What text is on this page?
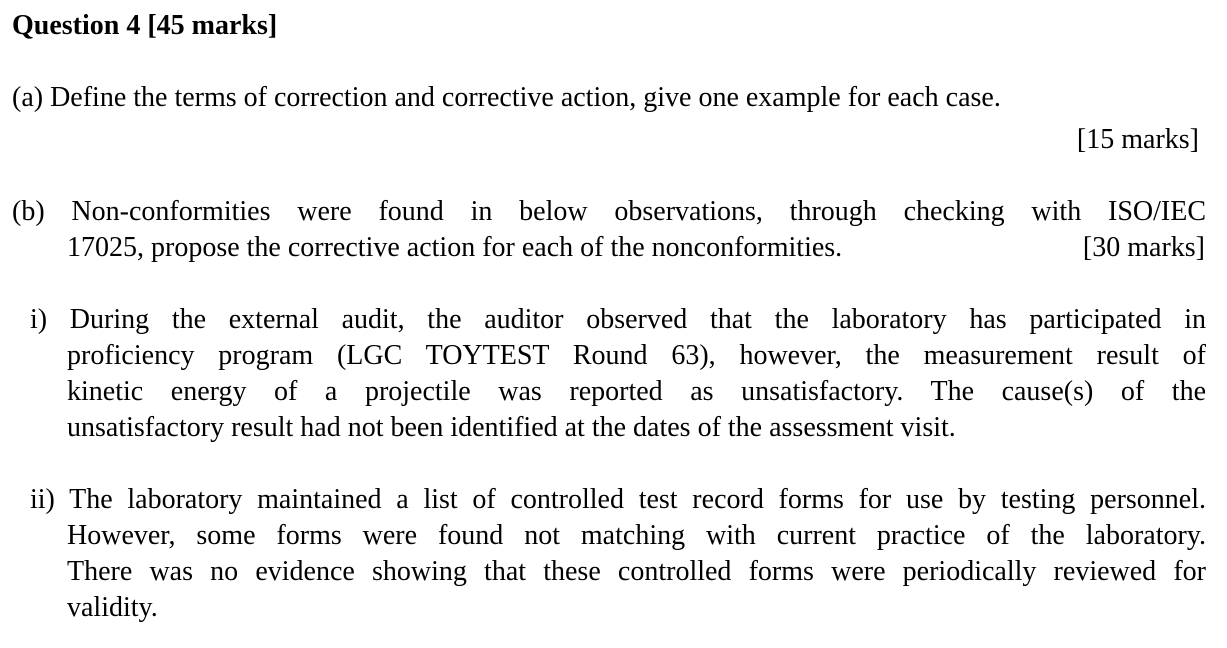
Question 4 [45 marks]
(a) Define the terms of correction and corrective action, give one example for each case.
[15 marks]
(b) Non-conformities were found in below observations, through checking with ISO/IEC
17025, propose the corrective action for each of the nonconformities.	[30 marks]
i) During the external audit, the auditor observed that the laboratory has participated in
proficiency program (LGC TOYTEST Round 63), however, the measurement result of
kinetic energy of a projectile was reported as unsatisfactory. The cause(s) of the
unsatisfactory result had not been identified at the dates of the assessment visit.
ii) The laboratory maintained a list of controlled test record forms for use by testing personnel.
However, some forms were found not matching with current practice of the laboratory.
There was no evidence showing that these controlled forms were periodically reviewed for
validity.
